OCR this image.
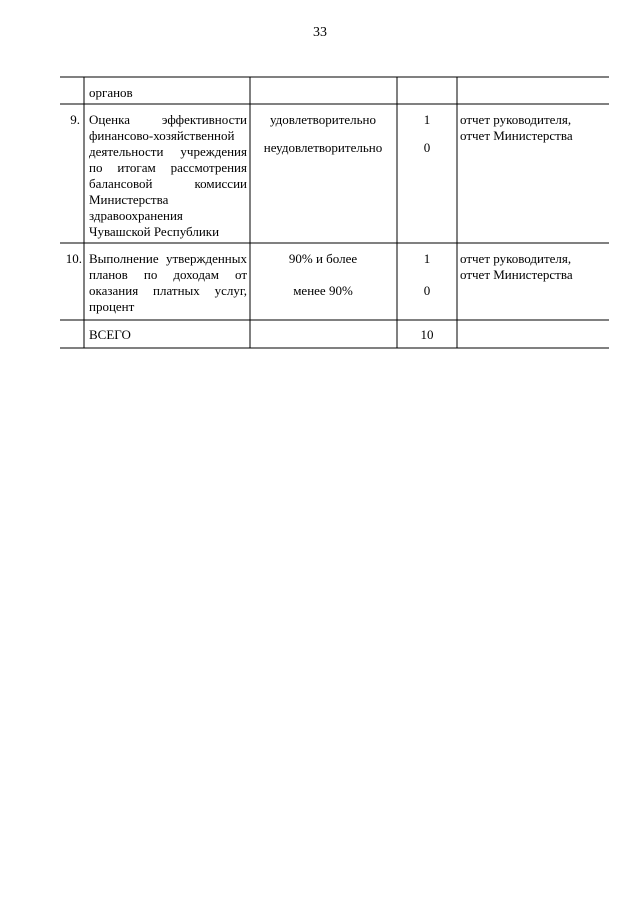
33
органов
9. Оценка эффективности финансово-хозяйственной деятельности учреждения по итогам рассмотрения балансовой комиссии Министерства здравоохранения Чувашской Республики
удовлетворительно
неудовлетворительно
1
0
отчет руководителя, отчет Министерства
10. Выполнение утвержденных планов по доходам от оказания платных услуг, процент
90% и более
менее 90%
1
0
отчет руководителя, отчет Министерства
ВСЕГО	10
